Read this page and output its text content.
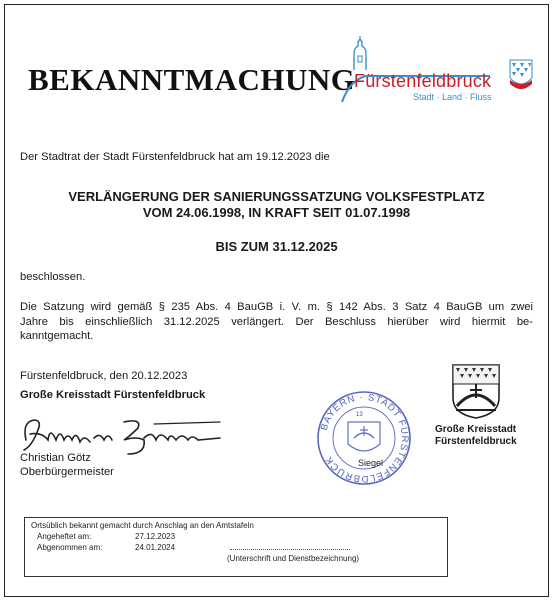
BEKANNTMACHUNG
Fürstenfeldbruck
Stadt · Land · Fluss
Der Stadtrat der Stadt Fürstenfeldbruck hat am 19.12.2023 die
VERLÄNGERUNG DER SANIERUNGSSATZUNG VOLKSFESTPLATZ
VOM 24.06.1998, IN KRAFT SEIT 01.07.1998
BIS ZUM 31.12.2025
beschlossen.
Die Satzung wird gemäß § 235 Abs. 4 BauGB i. V. m. § 142 Abs. 3 Satz 4 BauGB um zwei
Jahre bis einschließlich 31.12.2025 verlängert. Der Beschluss hierüber wird hiermit be-
kanntgemacht.
Fürstenfeldbruck, den 20.12.2023
Große Kreisstadt Fürstenfeldbruck
Christian Götz
Oberbürgermeister
BAYERN · STADT FÜRSTENFELDBRUCK
13
Siegel
Große Kreisstadt
Fürstenfeldbruck
Ortsüblich bekannt gemacht durch Anschlag an den Amtstafeln
Angeheftet am:	27.12.2023
Abgenommen am:	24.01.2024
(Unterschrift und Dienstbezeichnung)
